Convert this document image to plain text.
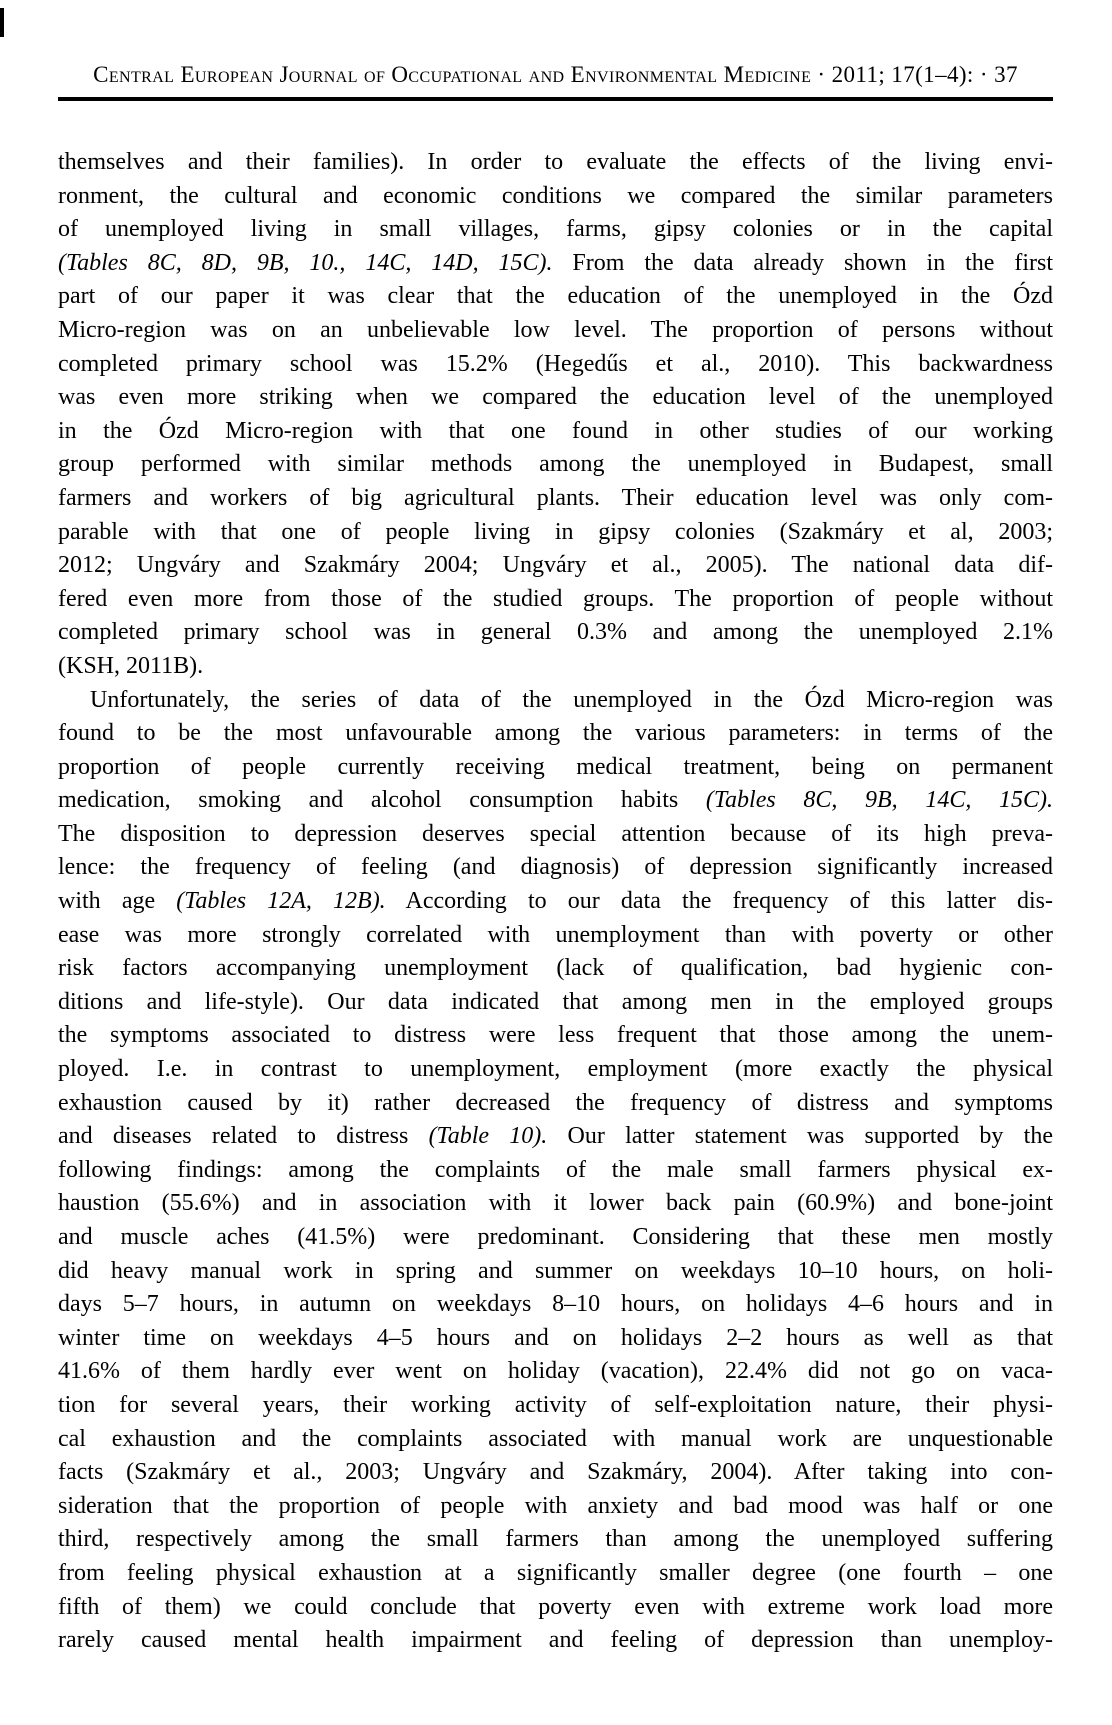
Central European Journal of Occupational and Environmental Medicine · 2011; 17(1–4): · 37
themselves and their families). In order to evaluate the effects of the living envi-
ronment, the cultural and economic conditions we compared the similar parameters
of unemployed living in small villages, farms, gipsy colonies or in the capital
(Tables 8C, 8D, 9B, 10., 14C, 14D, 15C). From the data already shown in the first
part of our paper it was clear that the education of the unemployed in the Ózd
Micro-region was on an unbelievable low level. The proportion of persons without
completed primary school was 15.2% (Hegedűs et al., 2010). This backwardness
was even more striking when we compared the education level of the unemployed
in the Ózd Micro-region with that one found in other studies of our working
group performed with similar methods among the unemployed in Budapest, small
farmers and workers of big agricultural plants. Their education level was only com-
parable with that one of people living in gipsy colonies (Szakmáry et al, 2003;
2012; Ungváry and Szakmáry 2004; Ungváry et al., 2005). The national data dif-
fered even more from those of the studied groups. The proportion of people without
completed primary school was in general 0.3% and among the unemployed 2.1%
(KSH, 2011B).
Unfortunately, the series of data of the unemployed in the Ózd Micro-region was
found to be the most unfavourable among the various parameters: in terms of the
proportion of people currently receiving medical treatment, being on permanent
medication, smoking and alcohol consumption habits (Tables 8C, 9B, 14C, 15C).
The disposition to depression deserves special attention because of its high preva-
lence: the frequency of feeling (and diagnosis) of depression significantly increased
with age (Tables 12A, 12B). According to our data the frequency of this latter dis-
ease was more strongly correlated with unemployment than with poverty or other
risk factors accompanying unemployment (lack of qualification, bad hygienic con-
ditions and life-style). Our data indicated that among men in the employed groups
the symptoms associated to distress were less frequent that those among the unem-
ployed. I.e. in contrast to unemployment, employment (more exactly the physical
exhaustion caused by it) rather decreased the frequency of distress and symptoms
and diseases related to distress (Table 10). Our latter statement was supported by the
following findings: among the complaints of the male small farmers physical ex-
haustion (55.6%) and in association with it lower back pain (60.9%) and bone-joint
and muscle aches (41.5%) were predominant. Considering that these men mostly
did heavy manual work in spring and summer on weekdays 10–10 hours, on holi-
days 5–7 hours, in autumn on weekdays 8–10 hours, on holidays 4–6 hours and in
winter time on weekdays 4–5 hours and on holidays 2–2 hours as well as that
41.6% of them hardly ever went on holiday (vacation), 22.4% did not go on vaca-
tion for several years, their working activity of self-exploitation nature, their physi-
cal exhaustion and the complaints associated with manual work are unquestionable
facts (Szakmáry et al., 2003; Ungváry and Szakmáry, 2004). After taking into con-
sideration that the proportion of people with anxiety and bad mood was half or one
third, respectively among the small farmers than among the unemployed suffering
from feeling physical exhaustion at a significantly smaller degree (one fourth – one
fifth of them) we could conclude that poverty even with extreme work load more
rarely caused mental health impairment and feeling of depression than unemploy-
